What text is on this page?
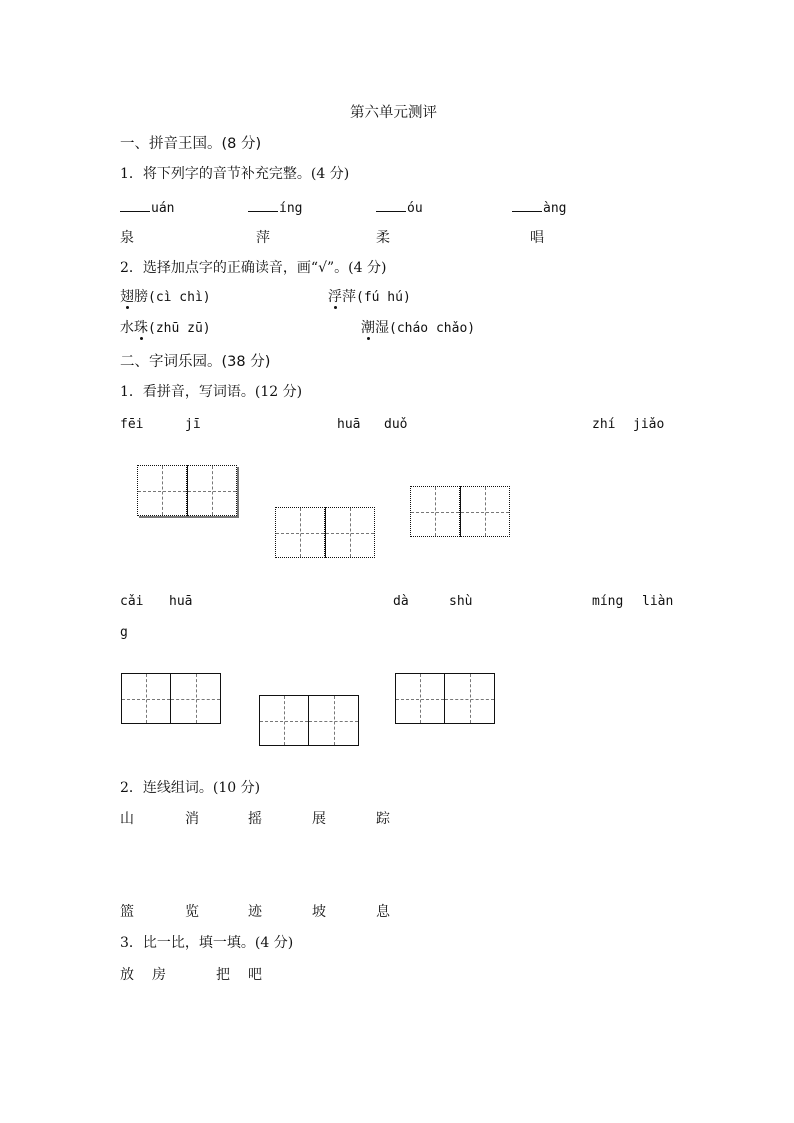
第六单元测评
一、拼音王国。(8 分)
1．将下列字的音节补充完整。(4 分)
uán	íng	óu	àng
泉	萍	柔	唱
2．选择加点字的正确读音，画“√”。(4 分)
翅膀(cì chì)	浮萍(fú hú)
水珠(zhū zū)	潮湿(cháo chǎo)
二、字词乐园。(38 分)
1．看拼音，写词语。(12 分)
fēi	jī	huā duǒ	zhí jiǎo
cǎi huā	dà	shù	míng liàn
g
2．连线组词。(10 分)
山	消	摇	展	踪
篮	览	迹	坡	息
3．比一比，填一填。(4 分)
放 房	把 吧
